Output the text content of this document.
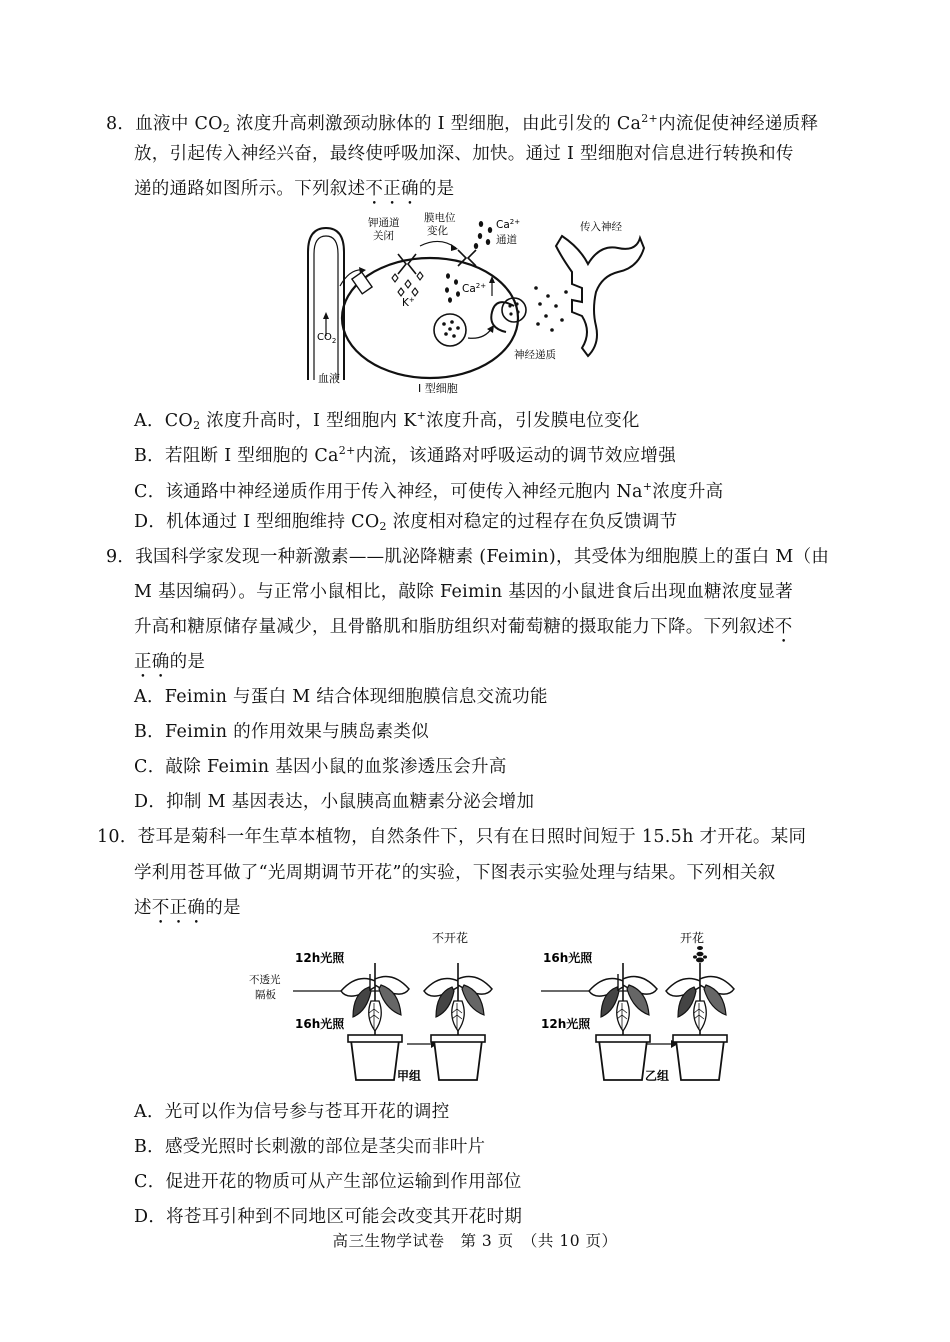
8．血液中 $CO_2$ 浓度升高刺激颈动脉体的 I 型细胞，由此引发的 $Ca^{2+}$内流促使神经递质释
放，引起传入神经兴奋，最终使呼吸加深、加快。通过 I 型细胞对信息进行转换和传
递的通路如图所示。下列叙述不正确的是
$CO_2$
血液
钾通道
关闭
膜电位
变化	$Ca^{2+}$
通道
K+
$Ca^{2+}$
传入神经
神经递质
I 型细胞
A．$CO_2$ 浓度升高时，I 型细胞内 K+浓度升高，引发膜电位变化
B．若阻断 I 型细胞的 $Ca^{2+}$内流，该通路对呼吸运动的调节效应增强
C．该通路中神经递质作用于传入神经，可使传入神经元胞内 Na+浓度升高
D．机体通过 I 型细胞维持 $CO_2$ 浓度相对稳定的过程存在负反馈调节
9．我国科学家发现一种新激素——肌泌降糖素 (Feimin)，其受体为细胞膜上的蛋白 M（由
M 基因编码）。与正常小鼠相比，敲除 Feimin 基因的小鼠进食后出现血糖浓度显著
升高和糖原储存量减少，且骨骼肌和脂肪组织对葡萄糖的摄取能力下降。下列叙述不
正确的是
A．Feimin 与蛋白 M 结合体现细胞膜信息交流功能
B．Feimin 的作用效果与胰岛素类似
C．敲除 Feimin 基因小鼠的血浆渗透压会升高
D．抑制 M 基因表达，小鼠胰高血糖素分泌会增加
10．苍耳是菊科一年生草本植物，自然条件下，只有在日照时间短于 15.5h 才开花。某同
学利用苍耳做了“光周期调节开花”的实验，下图表示实验处理与结果。下列相关叙
述不正确的是
12h光照
不透光
隔板
16h光照
不开花
甲组
16h光照
12h光照
开花
乙组
A．光可以作为信号参与苍耳开花的调控
B．感受光照时长刺激的部位是茎尖而非叶片
C．促进开花的物质可从产生部位运输到作用部位
D．将苍耳引种到不同地区可能会改变其开花时期
高三生物学试卷　第 3 页　（共 10 页）
